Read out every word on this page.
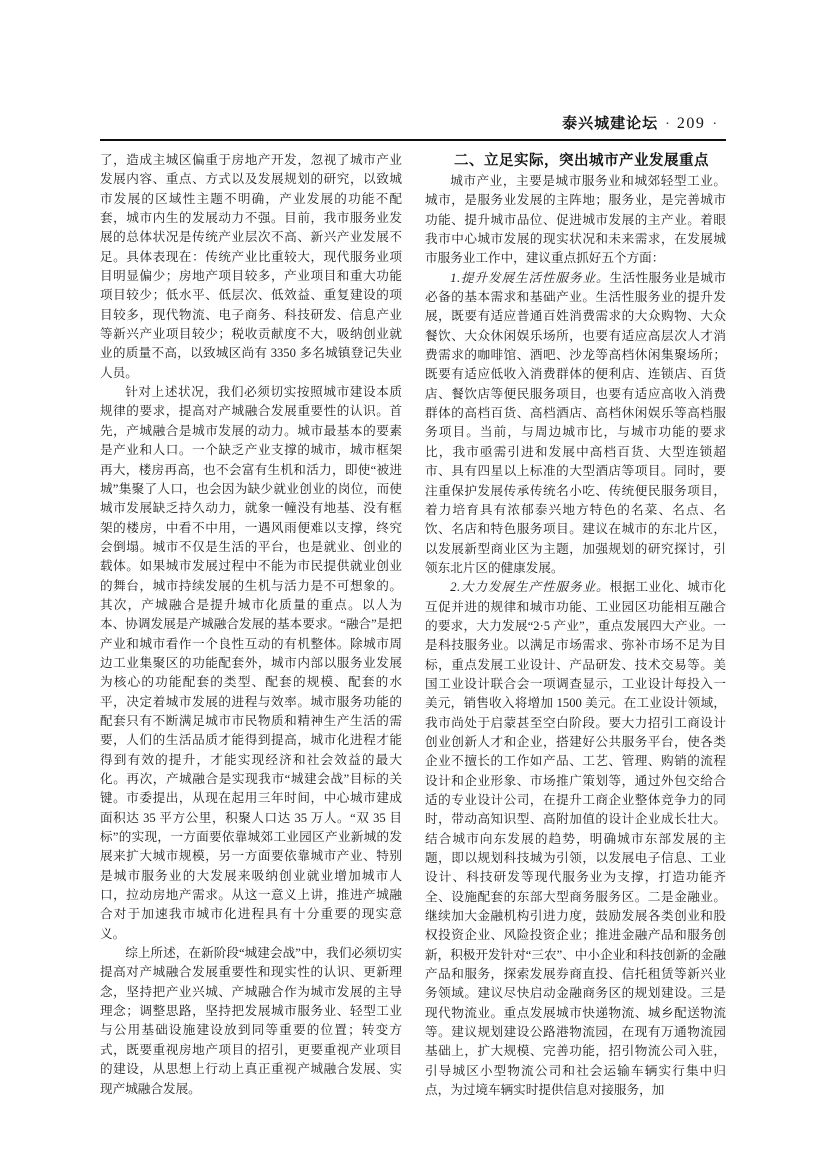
泰兴城建论坛 · 209 ·

了，造成主城区偏重于房地产开发，忽视了城市产业发展内容、重点、方式以及发展规划的研究，以致城市发展的区域性主题不明确，产业发展的功能不配套，城市内生的发展动力不强。目前，我市服务业发展的总体状况是传统产业层次不高、新兴产业发展不足。具体表现在：传统产业比重较大，现代服务业项目明显偏少；房地产项目较多，产业项目和重大功能项目较少；低水平、低层次、低效益、重复建设的项目较多，现代物流、电子商务、科技研发、信息产业等新兴产业项目较少；税收贡献度不大，吸纳创业就业的质量不高，以致城区尚有 3350 多名城镇登记失业人员。

针对上述状况，我们必须切实按照城市建设本质规律的要求，提高对产城融合发展重要性的认识。首先，产城融合是城市发展的动力。城市最基本的要素是产业和人口。一个缺乏产业支撑的城市，城市框架再大，楼房再高，也不会富有生机和活力，即使“被进城”集聚了人口，也会因为缺少就业创业的岗位，而使城市发展缺乏持久动力，就象一幢没有地基、没有框架的楼房，中看不中用，一遇风雨便难以支撑，终究会倒塌。城市不仅是生活的平台，也是就业、创业的载体。如果城市发展过程中不能为市民提供就业创业的舞台，城市持续发展的生机与活力是不可想象的。其次，产城融合是提升城市化质量的重点。以人为本、协调发展是产城融合发展的基本要求。“融合”是把产业和城市看作一个良性互动的有机整体。除城市周边工业集聚区的功能配套外，城市内部以服务业发展为核心的功能配套的类型、配套的规模、配套的水平，决定着城市发展的进程与效率。城市服务功能的配套只有不断满足城市市民物质和精神生产生活的需要，人们的生活品质才能得到提高，城市化进程才能得到有效的提升，才能实现经济和社会效益的最大化。再次，产城融合是实现我市“城建会战”目标的关键。市委提出，从现在起用三年时间，中心城市建成面积达 35 平方公里，积聚人口达 35 万人。“双 35 目标”的实现，一方面要依靠城郊工业园区产业新城的发展来扩大城市规模，另一方面要依靠城市产业、特别是城市服务业的大发展来吸纳创业就业增加城市人口，拉动房地产需求。从这一意义上讲，推进产城融合对于加速我市城市化进程具有十分重要的现实意义。

综上所述，在新阶段“城建会战”中，我们必须切实提高对产城融合发展重要性和现实性的认识、更新理念，坚持把产业兴城、产城融合作为城市发展的主导理念；调整思路，坚持把发展城市服务业、轻型工业与公用基础设施建设放到同等重要的位置；转变方式，既要重视房地产项目的招引，更要重视产业项目的建设，从思想上行动上真正重视产城融合发展、实现产城融合发展。

二、立足实际，突出城市产业发展重点

城市产业，主要是城市服务业和城郊轻型工业。城市，是服务业发展的主阵地；服务业，是完善城市功能、提升城市品位、促进城市发展的主产业。着眼我市中心城市发展的现实状况和未来需求，在发展城市服务业工作中，建议重点抓好五个方面：

1.提升发展生活性服务业。生活性服务业是城市必备的基本需求和基础产业。生活性服务业的提升发展，既要有适应普通百姓消费需求的大众购物、大众餐饮、大众休闲娱乐场所，也要有适应高层次人才消费需求的咖啡馆、酒吧、沙龙等高档休闲集聚场所；既要有适应低收入消费群体的便利店、连锁店、百货店、餐饮店等便民服务项目，也要有适应高收入消费群体的高档百货、高档酒店、高档休闲娱乐等高档服务项目。当前，与周边城市比，与城市功能的要求比，我市亟需引进和发展中高档百货、大型连锁超市、具有四星以上标准的大型酒店等项目。同时，要注重保护发展传承传统名小吃、传统便民服务项目，着力培育具有浓郁泰兴地方特色的名菜、名点、名饮、名店和特色服务项目。建议在城市的东北片区，以发展新型商业区为主题，加强规划的研究探讨，引领东北片区的健康发展。

2.大力发展生产性服务业。根据工业化、城市化互促并进的规律和城市功能、工业园区功能相互融合的要求，大力发展“2·5 产业”，重点发展四大产业。一是科技服务业。以满足市场需求、弥补市场不足为目标，重点发展工业设计、产品研发、技术交易等。美国工业设计联合会一项调查显示，工业设计每投入一美元，销售收入将增加 1500 美元。在工业设计领域，我市尚处于启蒙甚至空白阶段。要大力招引工商设计创业创新人才和企业，搭建好公共服务平台，使各类企业不擅长的工作如产品、工艺、管理、购销的流程设计和企业形象、市场推广策划等，通过外包交给合适的专业设计公司，在提升工商企业整体竞争力的同时，带动高知识型、高附加值的设计企业成长壮大。结合城市向东发展的趋势，明确城市东部发展的主题，即以规划科技城为引领，以发展电子信息、工业设计、科技研发等现代服务业为支撑，打造功能齐全、设施配套的东部大型商务服务区。二是金融业。继续加大金融机构引进力度，鼓励发展各类创业和股权投资企业、风险投资企业；推进金融产品和服务创新，积极开发针对“三农”、中小企业和科技创新的金融产品和服务，探索发展券商直投、信托租赁等新兴业务领域。建议尽快启动金融商务区的规划建设。三是现代物流业。重点发展城市快递物流、城乡配送物流等。建议规划建设公路港物流园，在现有万通物流园基础上，扩大规模、完善功能，招引物流公司入驻，引导城区小型物流公司和社会运输车辆实行集中归点，为过境车辆实时提供信息对接服务，加
